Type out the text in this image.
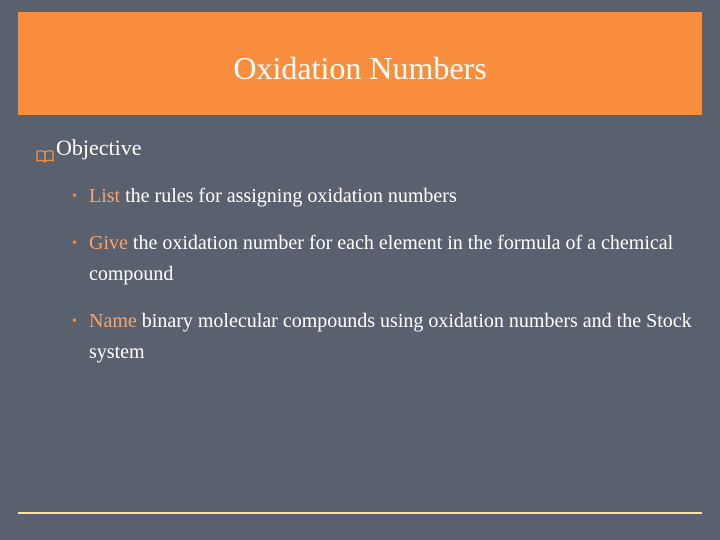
Oxidation Numbers
Objective
• List the rules for assigning oxidation numbers
• Give the oxidation number for each element in the formula of a chemical compound
• Name binary molecular compounds using oxidation numbers and the Stock system
